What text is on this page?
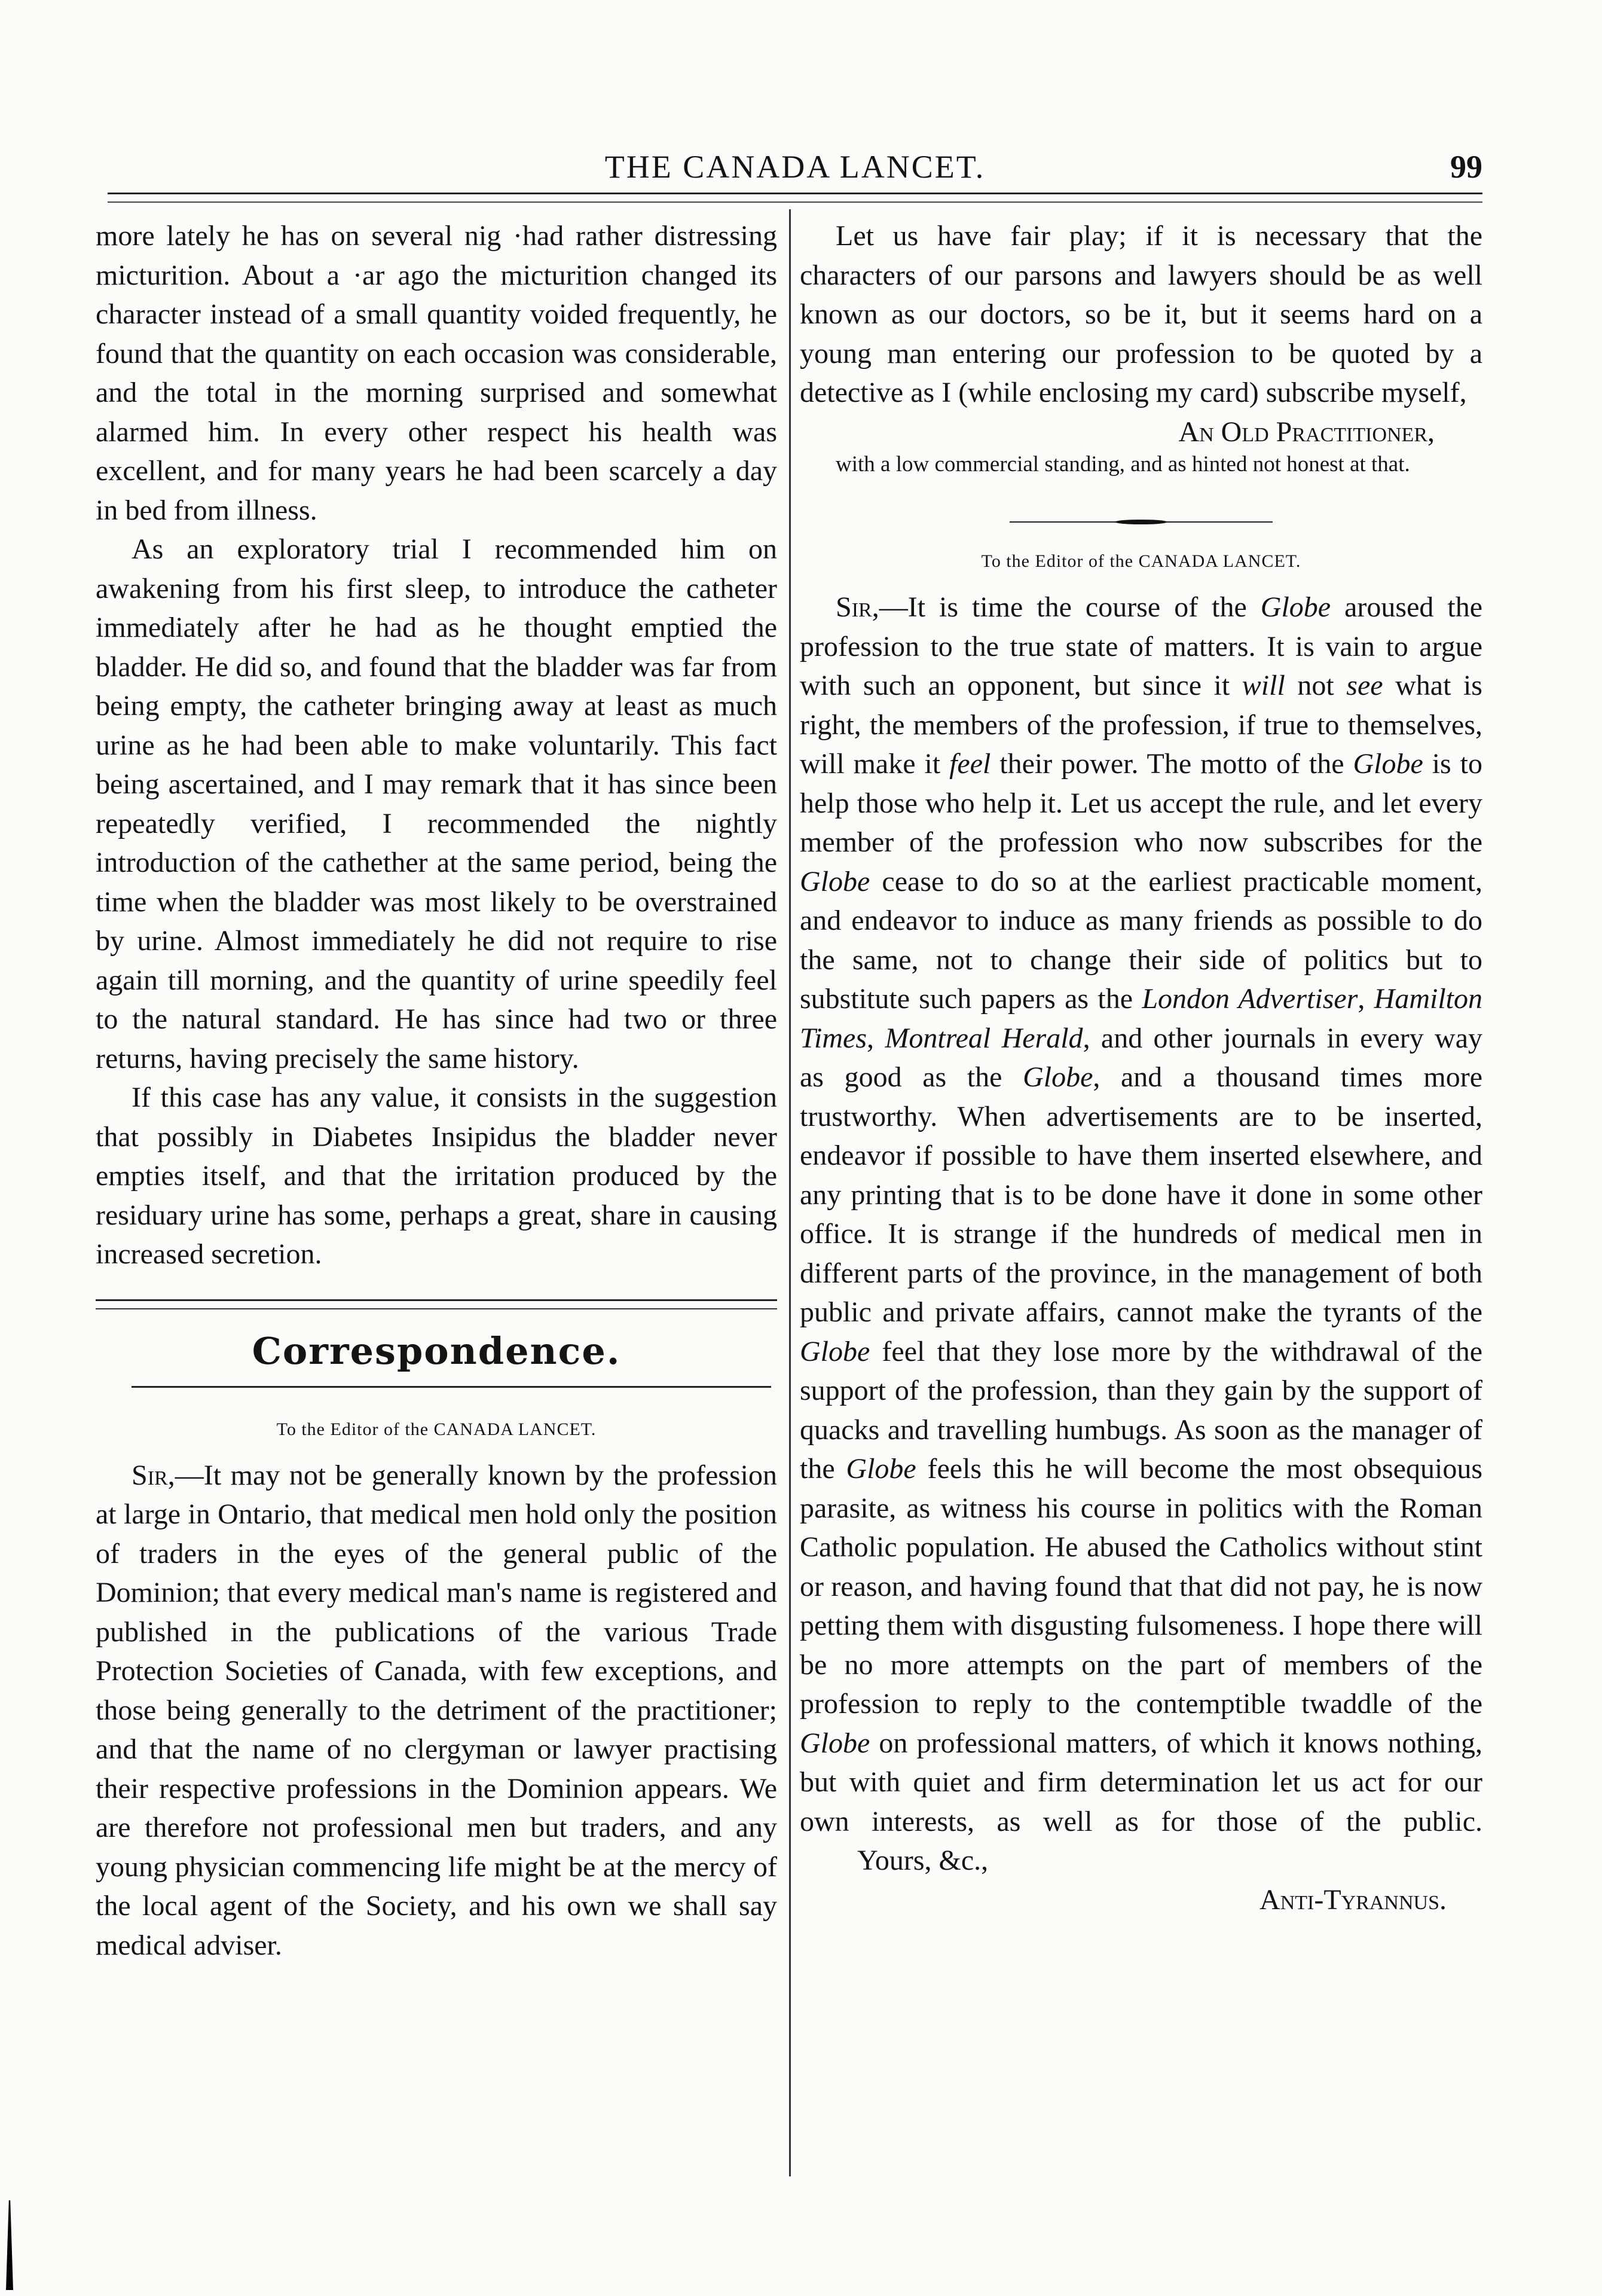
THE CANADA LANCET.	99

more lately he has on several nig ·had rather distressing micturition. About a ·ar ago the micturition changed its character instead of a small quantity voided frequently, he found that the quantity on each occasion was considerable, and the total in the morning surprised and somewhat alarmed him. In every other respect his health was excellent, and for many years he had been scarcely a day in bed from illness.

As an exploratory trial I recommended him on awakening from his first sleep, to introduce the catheter immediately after he had as he thought emptied the bladder. He did so, and found that the bladder was far from being empty, the catheter bringing away at least as much urine as he had been able to make voluntarily. This fact being ascertained, and I may remark that it has since been repeatedly verified, I recommended the nightly introduction of the cathether at the same period, being the time when the bladder was most likely to be overstrained by urine. Almost immediately he did not require to rise again till morning, and the quantity of urine speedily feel to the natural standard. He has since had two or three returns, having precisely the same history.

If this case has any value, it consists in the suggestion that possibly in Diabetes Insipidus the bladder never empties itself, and that the irritation produced by the residuary urine has some, perhaps a great, share in causing increased secretion.

Correspondence.
To the Editor of the CANADA LANCET.

Sir,—It may not be generally known by the profession at large in Ontario, that medical men hold only the position of traders in the eyes of the general public of the Dominion; that every medical man's name is registered and published in the publications of the various Trade Protection Societies of Canada, with few exceptions, and those being generally to the detriment of the practitioner; and that the name of no clergyman or lawyer practising their respective professions in the Dominion appears. We are therefore not professional men but traders, and any young physician commencing life might be at the mercy of the local agent of the Society, and his own we shall say medical adviser.

Let us have fair play; if it is necessary that the characters of our parsons and lawyers should be as well known as our doctors, so be it, but it seems hard on a young man entering our profession to be quoted by a detective as I (while enclosing my card) subscribe myself,

An Old Practitioner,

with a low commercial standing, and as hinted not honest at that.

To the Editor of the CANADA LANCET.

Sir,—It is time the course of the Globe aroused the profession to the true state of matters. It is vain to argue with such an opponent, but since it will not see what is right, the members of the profession, if true to themselves, will make it feel their power. The motto of the Globe is to help those who help it. Let us accept the rule, and let every member of the profession who now subscribes for the Globe cease to do so at the earliest practicable moment, and endeavor to induce as many friends as possible to do the same, not to change their side of politics but to substitute such papers as the London Advertiser, Hamilton Times, Montreal Herald, and other journals in every way as good as the Globe, and a thousand times more trustworthy. When advertisements are to be inserted, endeavor if possible to have them inserted elsewhere, and any printing that is to be done have it done in some other office. It is strange if the hundreds of medical men in different parts of the province, in the management of both public and private affairs, cannot make the tyrants of the Globe feel that they lose more by the withdrawal of the support of the profession, than they gain by the support of quacks and travelling humbugs. As soon as the manager of the Globe feels this he will become the most obsequious parasite, as witness his course in politics with the Roman Catholic population. He abused the Catholics without stint or reason, and having found that that did not pay, he is now petting them with disgusting fulsomeness. I hope there will be no more attempts on the part of members of the profession to reply to the contemptible twaddle of the Globe on professional matters, of which it knows nothing, but with quiet and firm determination let us act for our own interests, as well as for those of the public.         Yours, &c.,

Anti-Tyrannus.
